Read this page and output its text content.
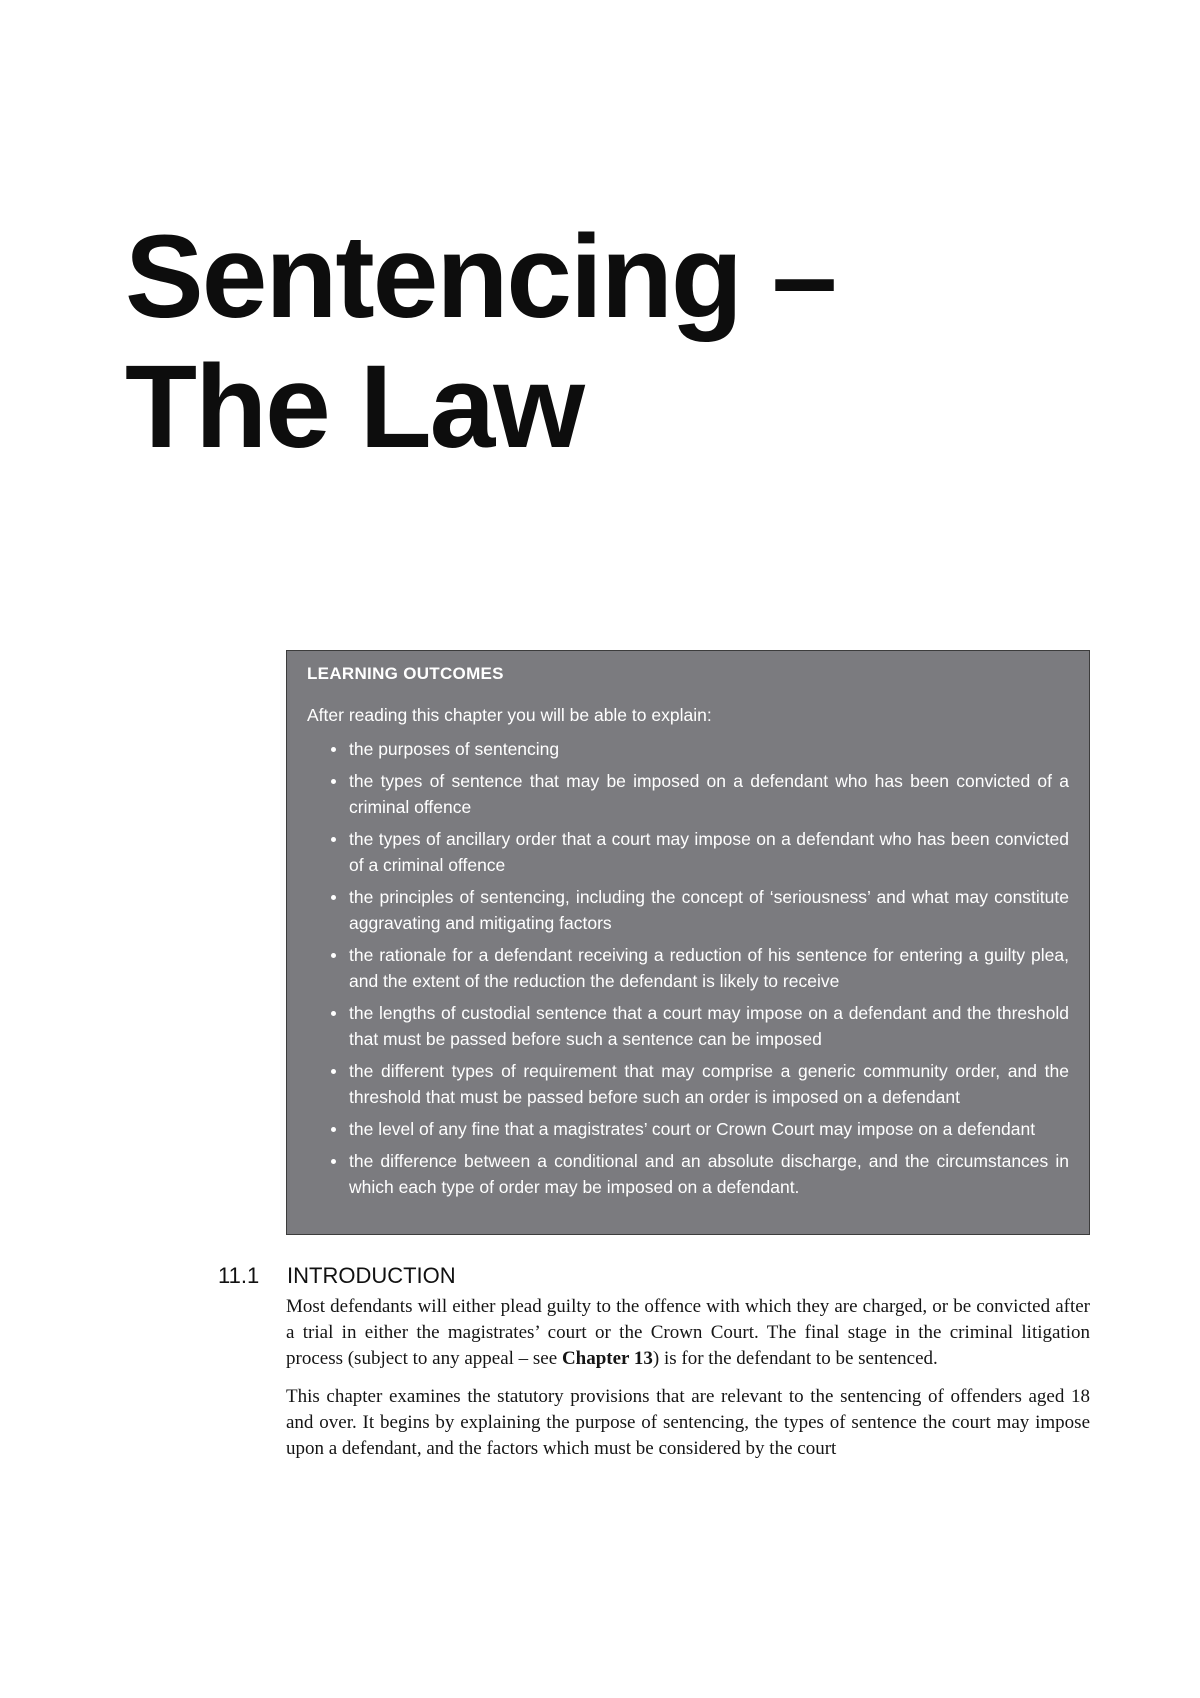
Sentencing –
The Law
LEARNING OUTCOMES
After reading this chapter you will be able to explain:
the purposes of sentencing
the types of sentence that may be imposed on a defendant who has been convicted of a criminal offence
the types of ancillary order that a court may impose on a defendant who has been convicted of a criminal offence
the principles of sentencing, including the concept of ‘seriousness’ and what may constitute aggravating and mitigating factors
the rationale for a defendant receiving a reduction of his sentence for entering a guilty plea, and the extent of the reduction the defendant is likely to receive
the lengths of custodial sentence that a court may impose on a defendant and the threshold that must be passed before such a sentence can be imposed
the different types of requirement that may comprise a generic community order, and the threshold that must be passed before such an order is imposed on a defendant
the level of any fine that a magistrates’ court or Crown Court may impose on a defendant
the difference between a conditional and an absolute discharge, and the circumstances in which each type of order may be imposed on a defendant.
11.1 INTRODUCTION

Most defendants will either plead guilty to the offence with which they are charged, or be convicted after a trial in either the magistrates’ court or the Crown Court. The final stage in the criminal litigation process (subject to any appeal – see Chapter 13) is for the defendant to be sentenced.

This chapter examines the statutory provisions that are relevant to the sentencing of offenders aged 18 and over. It begins by explaining the purpose of sentencing, the types of sentence the court may impose upon a defendant, and the factors which must be considered by the court
